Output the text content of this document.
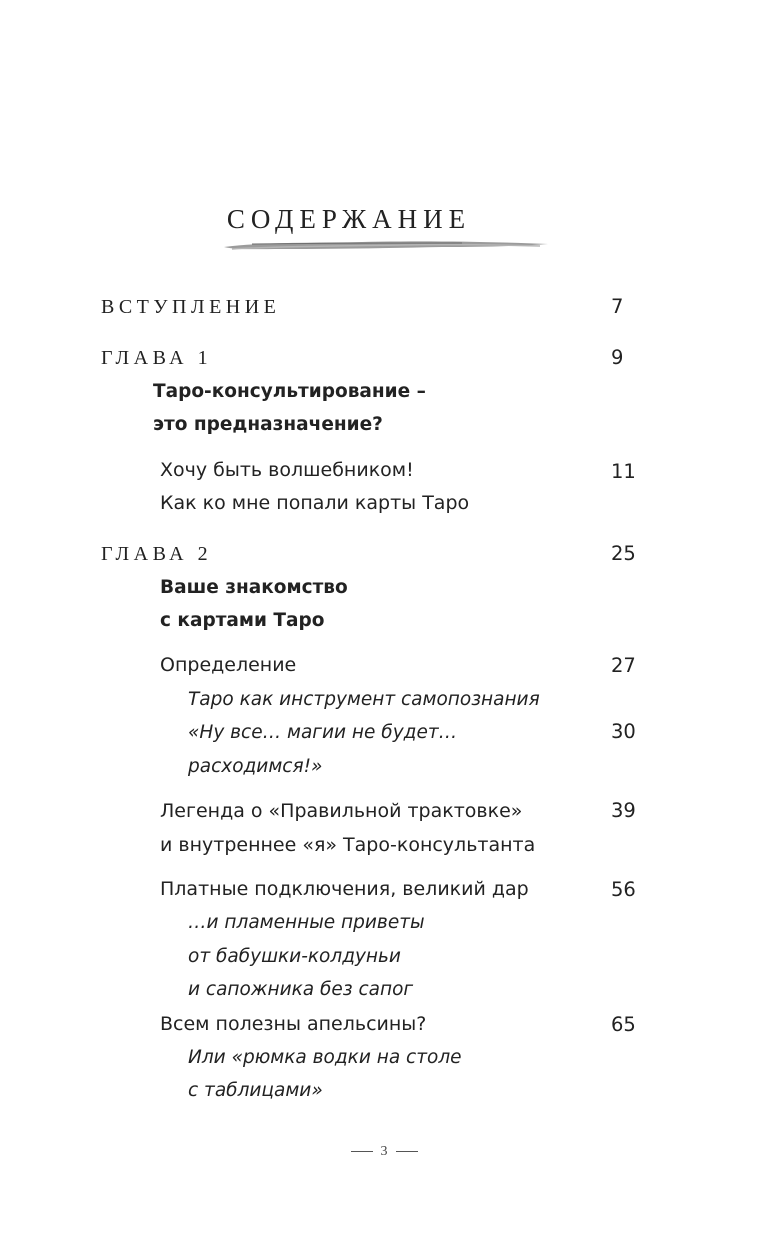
СОДЕРЖАНИЕ
ВСТУПЛЕНИЕ	7
ГЛАВА 1	9
Таро-консультирование –
это предназначение?
Хочу быть волшебником!	11
Как ко мне попали карты Таро
ГЛАВА 2	25
Ваше знакомство
с картами Таро
Определение	27
Таро как инструмент самопознания
«Ну все… магии не будет…	30
расходимся!»
Легенда о «Правильной трактовке»	39
и внутреннее «я» Таро-консультанта
Платные подключения, великий дар	56
…и пламенные приветы
от бабушки-колдуньи
и сапожника без сапог
Всем полезны апельсины?	65
Или «рюмка водки на столе
с таблицами»
3
